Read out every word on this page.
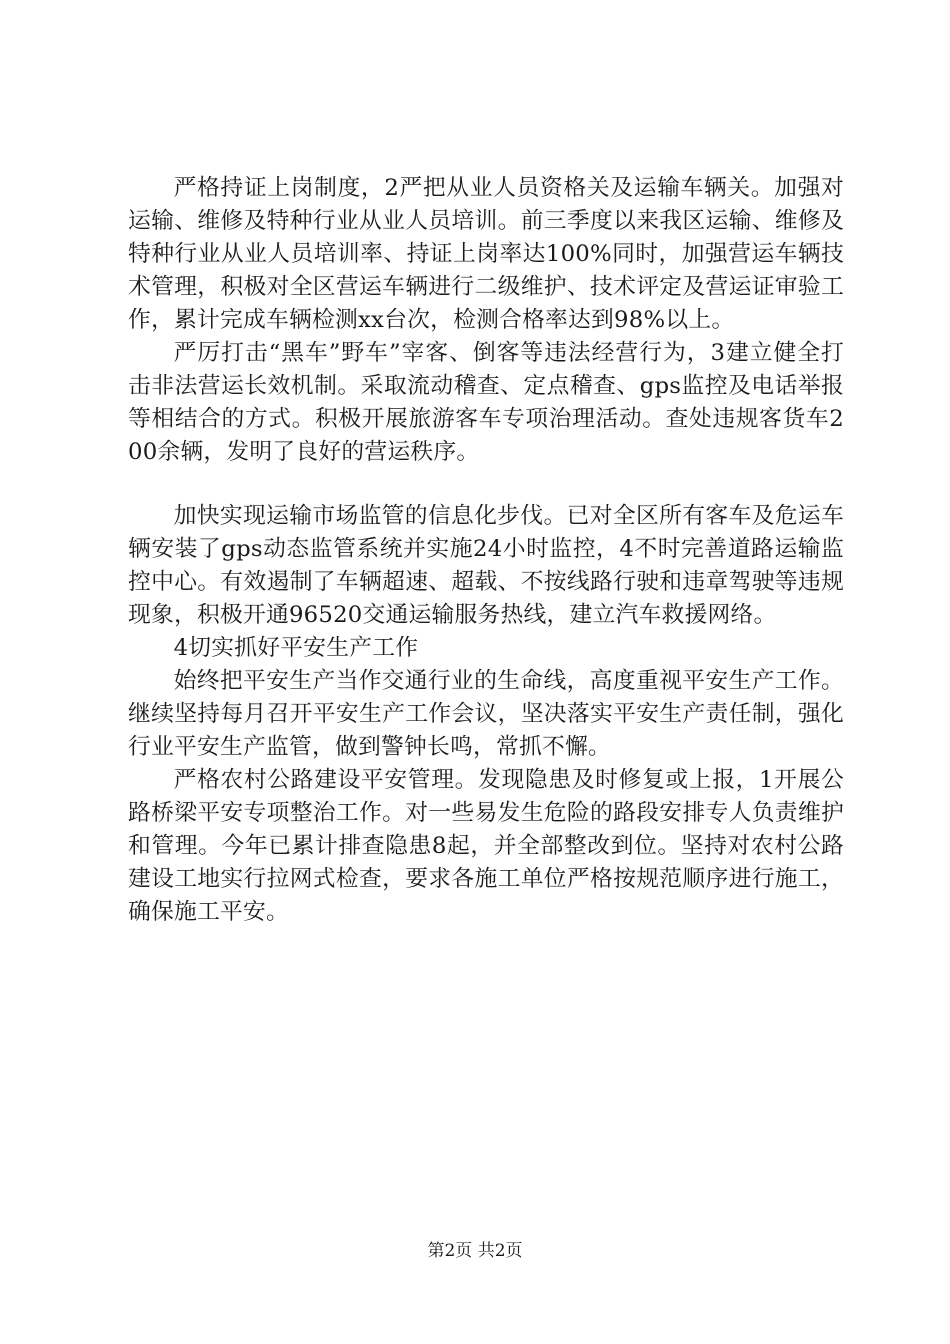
严格持证上岗制度，2严把从业人员资格关及运输车辆关。加强对运输、维修及特种行业从业人员培训。前三季度以来我区运输、维修及特种行业从业人员培训率、持证上岗率达100%同时，加强营运车辆技术管理，积极对全区营运车辆进行二级维护、技术评定及营运证审验工作，累计完成车辆检测xx台次，检测合格率达到98%以上。

严厉打击“黑车”野车”宰客、倒客等违法经营行为，3建立健全打击非法营运长效机制。采取流动稽查、定点稽查、gps监控及电话举报等相结合的方式。积极开展旅游客车专项治理活动。查处违规客货车200余辆，发明了良好的营运秩序。

加快实现运输市场监管的信息化步伐。已对全区所有客车及危运车辆安装了gps动态监管系统并实施24小时监控，4不时完善道路运输监控中心。有效遏制了车辆超速、超载、不按线路行驶和违章驾驶等违规现象，积极开通96520交通运输服务热线，建立汽车救援网络。

4切实抓好平安生产工作

始终把平安生产当作交通行业的生命线，高度重视平安生产工作。继续坚持每月召开平安生产工作会议，坚决落实平安生产责任制，强化行业平安生产监管，做到警钟长鸣，常抓不懈。

严格农村公路建设平安管理。发现隐患及时修复或上报，1开展公路桥梁平安专项整治工作。对一些易发生危险的路段安排专人负责维护和管理。今年已累计排查隐患8起，并全部整改到位。坚持对农村公路建设工地实行拉网式检查，要求各施工单位严格按规范顺序进行施工，确保施工平安。

第2页 共2页
